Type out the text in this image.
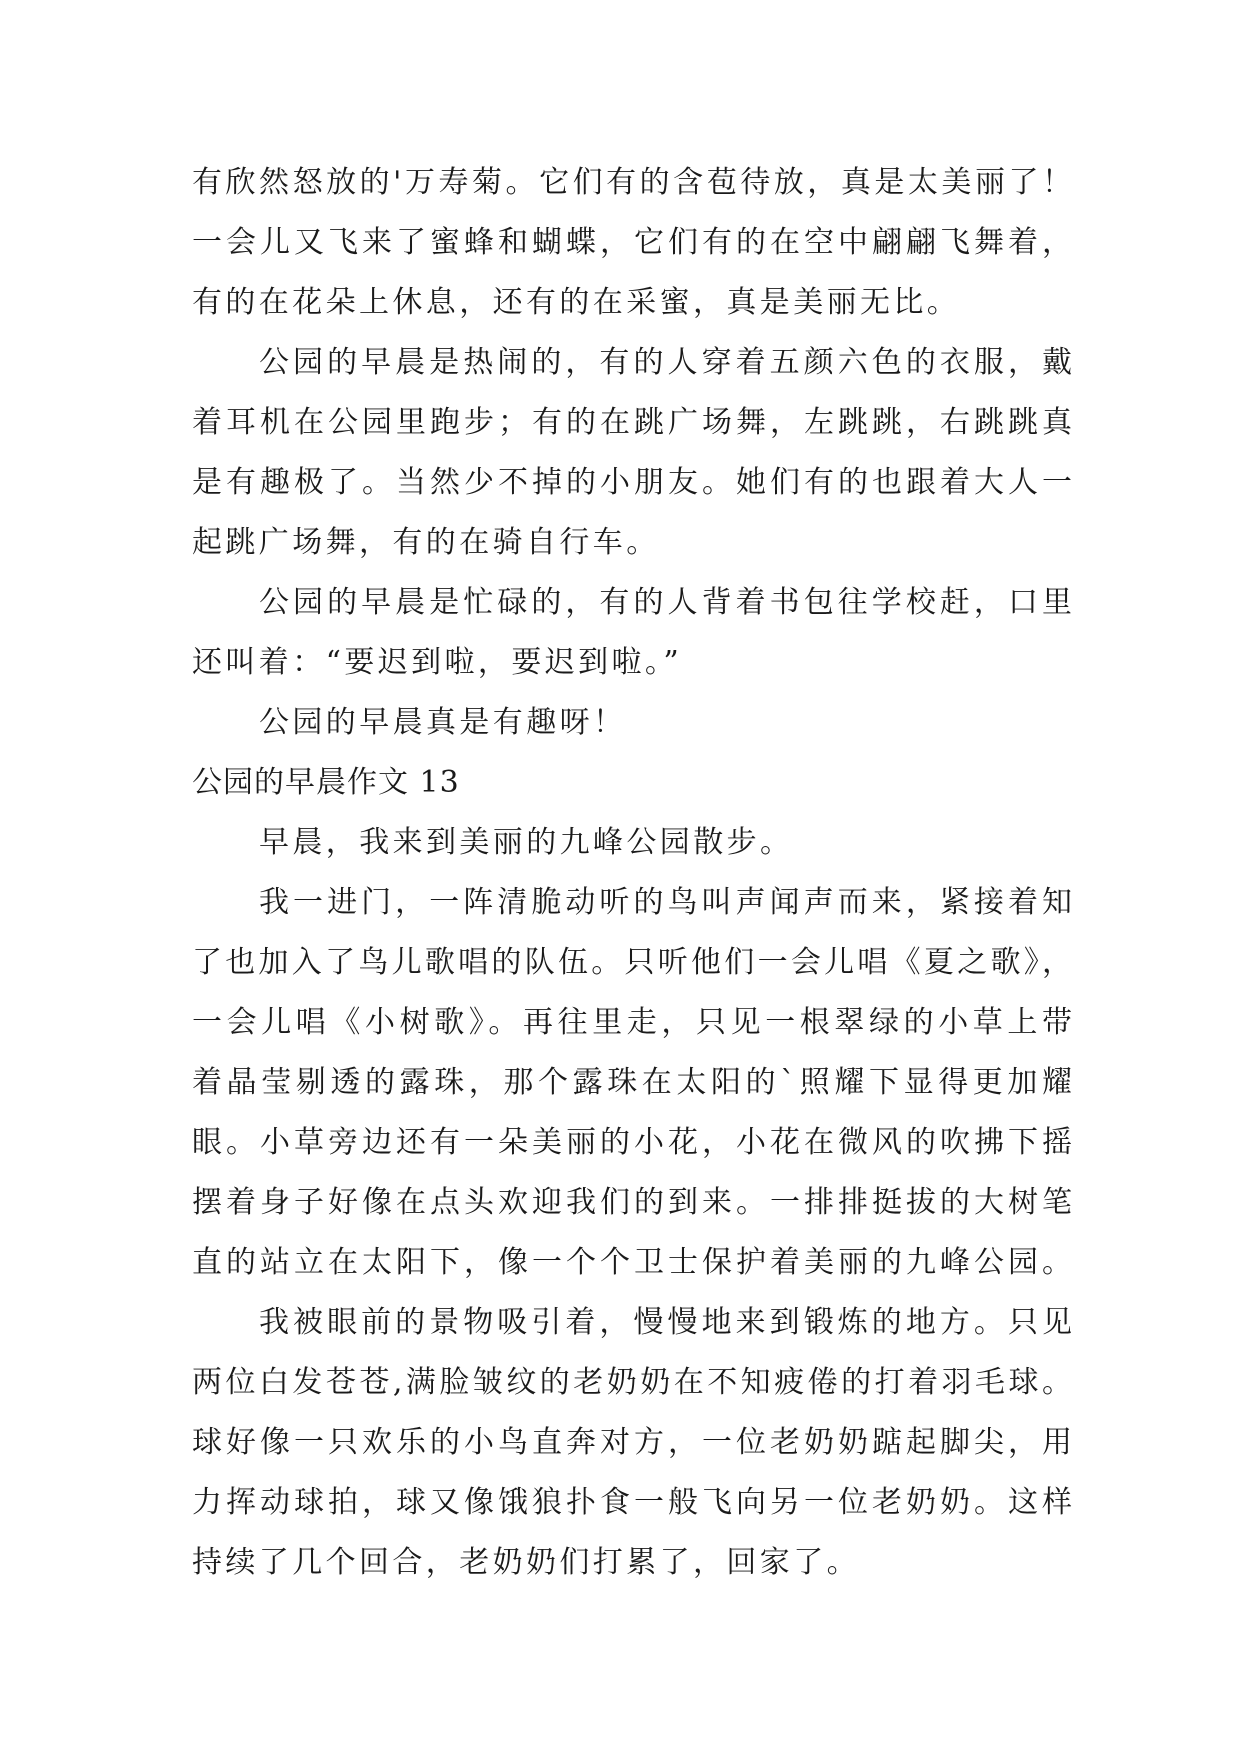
有欣然怒放的'万寿菊。它们有的含苞待放，真是太美丽了！
一会儿又飞来了蜜蜂和蝴蝶，它们有的在空中翩翩飞舞着，
有的在花朵上休息，还有的在采蜜，真是美丽无比。
公园的早晨是热闹的，有的人穿着五颜六色的衣服，戴
着耳机在公园里跑步；有的在跳广场舞，左跳跳，右跳跳真
是有趣极了。当然少不掉的小朋友。她们有的也跟着大人一
起跳广场舞，有的在骑自行车。
公园的早晨是忙碌的，有的人背着书包往学校赶，口里
还叫着：“要迟到啦，要迟到啦。”
公园的早晨真是有趣呀！
公园的早晨作文 13
早晨，我来到美丽的九峰公园散步。
我一进门，一阵清脆动听的鸟叫声闻声而来，紧接着知
了也加入了鸟儿歌唱的队伍。只听他们一会儿唱《夏之歌》，
一会儿唱《小树歌》。再往里走，只见一根翠绿的小草上带
着晶莹剔透的露珠，那个露珠在太阳的`照耀下显得更加耀
眼。小草旁边还有一朵美丽的小花，小花在微风的吹拂下摇
摆着身子好像在点头欢迎我们的到来。一排排挺拔的大树笔
直的站立在太阳下，像一个个卫士保护着美丽的九峰公园。
我被眼前的景物吸引着，慢慢地来到锻炼的地方。只见
两位白发苍苍,满脸皱纹的老奶奶在不知疲倦的打着羽毛球。
球好像一只欢乐的小鸟直奔对方，一位老奶奶踮起脚尖，用
力挥动球拍，球又像饿狼扑食一般飞向另一位老奶奶。这样
持续了几个回合，老奶奶们打累了，回家了。
